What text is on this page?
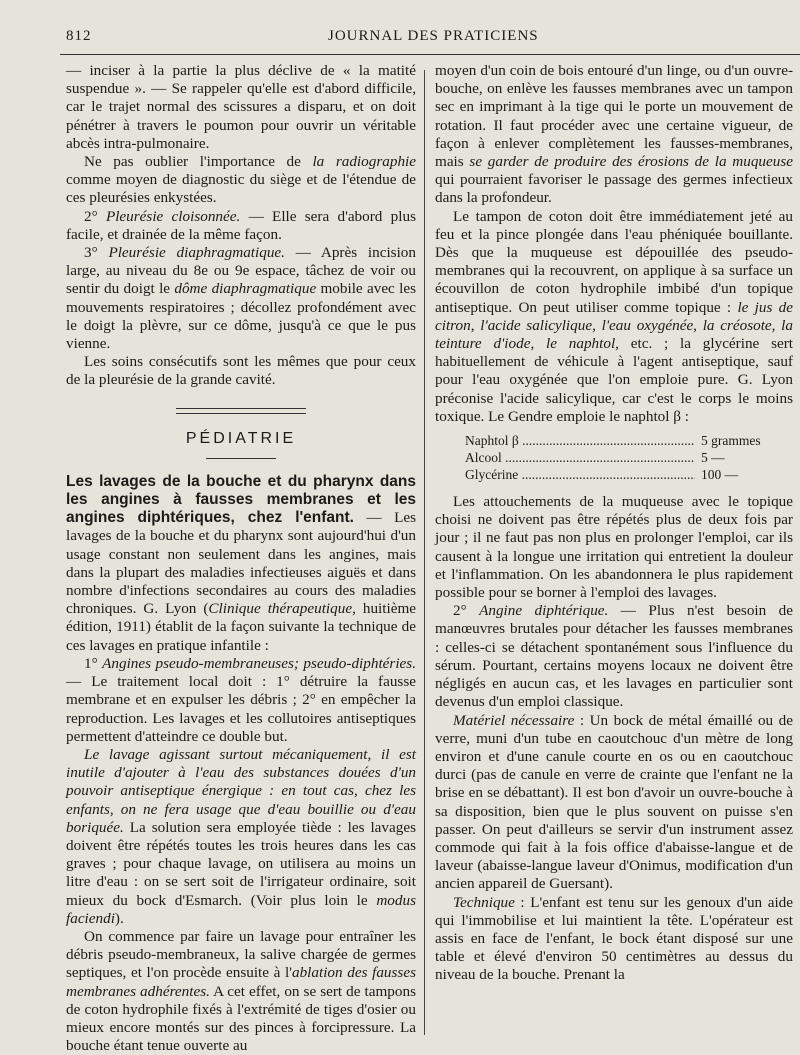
812	JOURNAL DES PRATICIENS

— inciser à la partie la plus déclive de « la matité suspendue ». — Se rappeler qu'elle est d'abord difficile, car le trajet normal des scissures a disparu, et on doit pénétrer à travers le poumon pour ouvrir un véritable abcès intra-pulmonaire.

Ne pas oublier l'importance de la radiographie comme moyen de diagnostic du siège et de l'étendue de ces pleurésies enkystées.

2° Pleurésie cloisonnée. — Elle sera d'abord plus facile, et drainée de la même façon.

3° Pleurésie diaphragmatique. — Après incision large, au niveau du 8e ou 9e espace, tâchez de voir ou sentir du doigt le dôme diaphragmatique mobile avec les mouvements respiratoires ; décollez profondément avec le doigt la plèvre, sur ce dôme, jusqu'à ce que le pus vienne.

Les soins consécutifs sont les mêmes que pour ceux de la pleurésie de la grande cavité.

PÉDIATRIE

Les lavages de la bouche et du pharynx dans les angines à fausses membranes et les angines diphtériques, chez l'enfant. — Les lavages de la bouche et du pharynx sont aujourd'hui d'un usage constant non seulement dans les angines, mais dans la plupart des maladies infectieuses aiguës et dans nombre d'infections secondaires au cours des maladies chroniques. G. Lyon (Clinique thérapeutique, huitième édition, 1911) établit de la façon suivante la technique de ces lavages en pratique infantile :

1° Angines pseudo-membraneuses; pseudo-diphtéries. — Le traitement local doit : 1° détruire la fausse membrane et en expulser les débris ; 2° en empêcher la reproduction. Les lavages et les collutoires antiseptiques permettent d'atteindre ce double but.

Le lavage agissant surtout mécaniquement, il est inutile d'ajouter à l'eau des substances douées d'un pouvoir antiseptique énergique : en tout cas, chez les enfants, on ne fera usage que d'eau bouillie ou d'eau boriquée. La solution sera employée tiède : les lavages doivent être répétés toutes les trois heures dans les cas graves ; pour chaque lavage, on utilisera au moins un litre d'eau : on se sert soit de l'irrigateur ordinaire, soit mieux du bock d'Esmarch. (Voir plus loin le modus faciendi).

On commence par faire un lavage pour entraîner les débris pseudo-membraneux, la salive chargée de germes septiques, et l'on procède ensuite à l'ablation des fausses membranes adhérentes. A cet effet, on se sert de tampons de coton hydrophile fixés à l'extrémité de tiges d'osier ou mieux encore montés sur des pinces à forcipressure. La bouche étant tenue ouverte au

moyen d'un coin de bois entouré d'un linge, ou d'un ouvre-bouche, on enlève les fausses membranes avec un tampon sec en imprimant à la tige qui le porte un mouvement de rotation. Il faut procéder avec une certaine vigueur, de façon à enlever complètement les fausses-membranes, mais se garder de produire des érosions de la muqueuse qui pourraient favoriser le passage des germes infectieux dans la profondeur.

Le tampon de coton doit être immédiatement jeté au feu et la pince plongée dans l'eau phéniquée bouillante. Dès que la muqueuse est dépouillée des pseudo-membranes qui la recouvrent, on applique à sa surface un écouvillon de coton hydrophile imbibé d'un topique antiseptique. On peut utiliser comme topique : le jus de citron, l'acide salicylique, l'eau oxygénée, la créosote, la teinture d'iode, le naphtol, etc. ; la glycérine sert habituellement de véhicule à l'agent antiseptique, sauf pour l'eau oxygénée que l'on emploie pure. G. Lyon préconise l'acide salicylique, car c'est le corps le moins toxique. Le Gendre emploie le naphtol β :

Naphtol β .....	5 grammes
Alcool .....	5 —
Glycérine .....	100 —

Les attouchements de la muqueuse avec le topique choisi ne doivent pas être répétés plus de deux fois par jour ; il ne faut pas non plus en prolonger l'emploi, car ils causent à la longue une irritation qui entretient la douleur et l'inflammation. On les abandonnera le plus rapidement possible pour se borner à l'emploi des lavages.

2° Angine diphtérique. — Plus n'est besoin de manœuvres brutales pour détacher les fausses membranes : celles-ci se détachent spontanément sous l'influence du sérum. Pourtant, certains moyens locaux ne doivent être négligés en aucun cas, et les lavages en particulier sont devenus d'un emploi classique.

Matériel nécessaire : Un bock de métal émaillé ou de verre, muni d'un tube en caoutchouc d'un mètre de long environ et d'une canule courte en os ou en caoutchouc durci (pas de canule en verre de crainte que l'enfant ne la brise en se débattant). Il est bon d'avoir un ouvre-bouche à sa disposition, bien que le plus souvent on puisse s'en passer. On peut d'ailleurs se servir d'un instrument assez commode qui fait à la fois office d'abaisse-langue et de laveur (abaisse-langue laveur d'Onimus, modification d'un ancien appareil de Guersant).

Technique : L'enfant est tenu sur les genoux d'un aide qui l'immobilise et lui maintient la tête. L'opérateur est assis en face de l'enfant, le bock étant disposé sur une table et élevé d'environ 50 centimètres au dessus du niveau de la bouche. Prenant la
